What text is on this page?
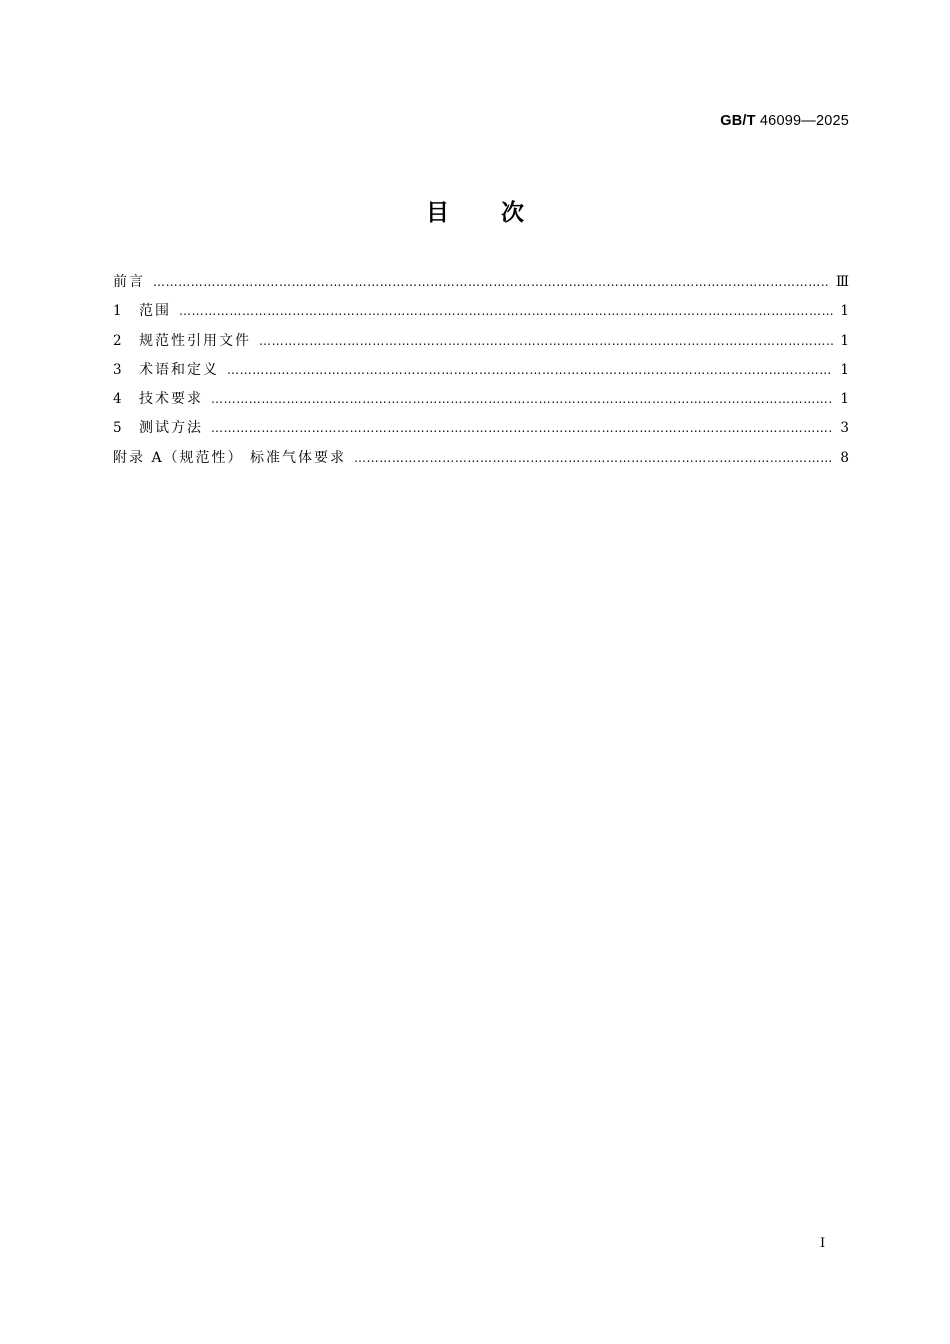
GB/T 46099—2025
目次
前言 ……………………………………………………………………………………………………………………………………………………………………………………………………………………………………	Ⅲ
1	范围 ……………………………………………………………………………………………………………………………………………………………………………………………………………………………………	1
2	规范性引用文件 ……………………………………………………………………………………………………………………………………………………………………………………………………………………………………	1
3	术语和定义 ……………………………………………………………………………………………………………………………………………………………………………………………………………………………………	1
4	技术要求 ……………………………………………………………………………………………………………………………………………………………………………………………………………………………………	1
5	测试方法 ……………………………………………………………………………………………………………………………………………………………………………………………………………………………………	3
附录 A（规范性） 标准气体要求 ……………………………………………………………………………………………………………………………………………………………………………………………………………………………………	8
I
